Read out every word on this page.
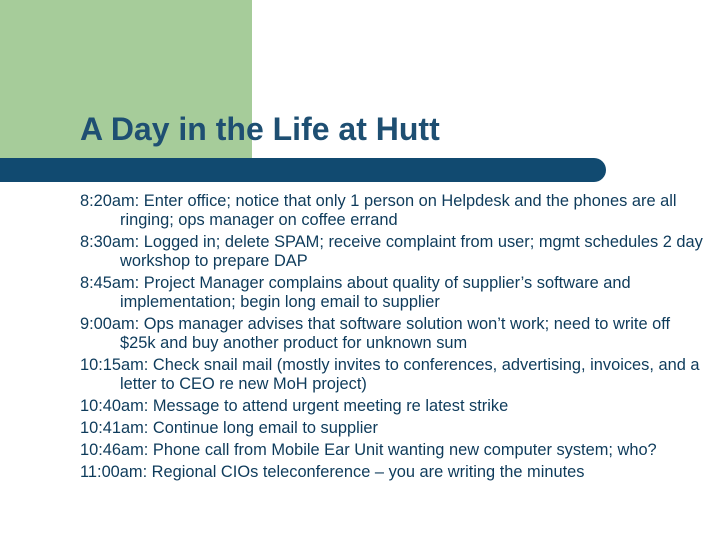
A Day in the Life at Hutt
8:20am: Enter office; notice that only 1 person on Helpdesk and the phones are all ringing; ops manager on coffee errand
8:30am: Logged in; delete SPAM; receive complaint from user; mgmt schedules 2 day workshop to prepare DAP
8:45am: Project Manager complains about quality of supplier’s software and implementation; begin long email to supplier
9:00am: Ops manager advises that software solution won’t work; need to write off $25k and buy another product for unknown sum
10:15am: Check snail mail (mostly invites to conferences, advertising, invoices, and a letter to CEO re new MoH project)
10:40am: Message to attend urgent meeting re latest strike
10:41am: Continue long email to supplier
10:46am: Phone call from Mobile Ear Unit wanting new computer system; who?
11:00am: Regional CIOs teleconference – you are writing the minutes
